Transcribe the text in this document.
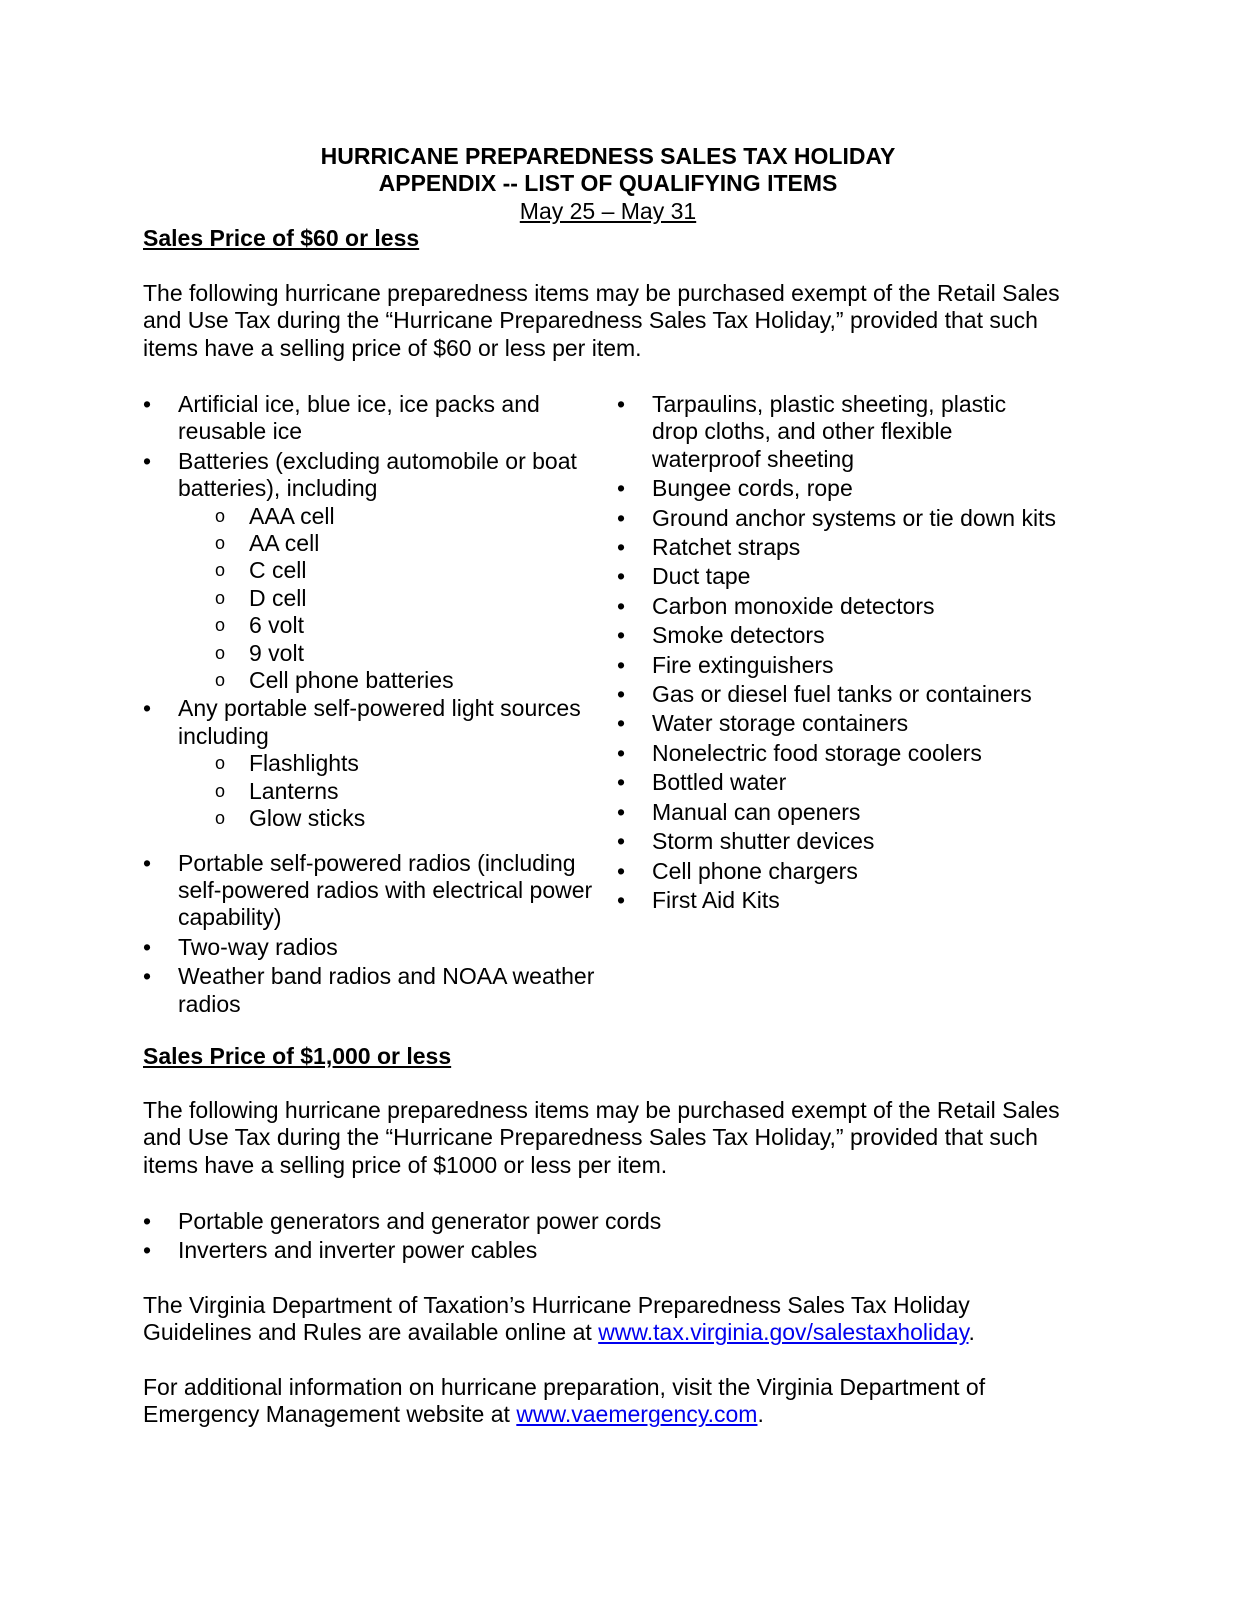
HURRICANE PREPAREDNESS SALES TAX HOLIDAY
APPENDIX -- LIST OF QUALIFYING ITEMS
May 25 – May 31
Sales Price of $60 or less
The following hurricane preparedness items may be purchased exempt of the Retail Sales and Use Tax during the “Hurricane Preparedness Sales Tax Holiday,” provided that such items have a selling price of $60 or less per item.
• Artificial ice, blue ice, ice packs and reusable ice
• Batteries (excluding automobile or boat batteries), including
o AAA cell
o AA cell
o C cell
o D cell
o 6 volt
o 9 volt
o Cell phone batteries
• Any portable self-powered light sources including
o Flashlights
o Lanterns
o Glow sticks
• Portable self-powered radios (including self-powered radios with electrical power capability)
• Two-way radios
• Weather band radios and NOAA weather radios
• Tarpaulins, plastic sheeting, plastic drop cloths, and other flexible waterproof sheeting
• Bungee cords, rope
• Ground anchor systems or tie down kits
• Ratchet straps
• Duct tape
• Carbon monoxide detectors
• Smoke detectors
• Fire extinguishers
• Gas or diesel fuel tanks or containers
• Water storage containers
• Nonelectric food storage coolers
• Bottled water
• Manual can openers
• Storm shutter devices
• Cell phone chargers
• First Aid Kits
Sales Price of $1,000 or less
The following hurricane preparedness items may be purchased exempt of the Retail Sales and Use Tax during the “Hurricane Preparedness Sales Tax Holiday,” provided that such items have a selling price of $1000 or less per item.
• Portable generators and generator power cords
• Inverters and inverter power cables
The Virginia Department of Taxation’s Hurricane Preparedness Sales Tax Holiday Guidelines and Rules are available online at www.tax.virginia.gov/salestaxholiday.
For additional information on hurricane preparation, visit the Virginia Department of Emergency Management website at www.vaemergency.com.
